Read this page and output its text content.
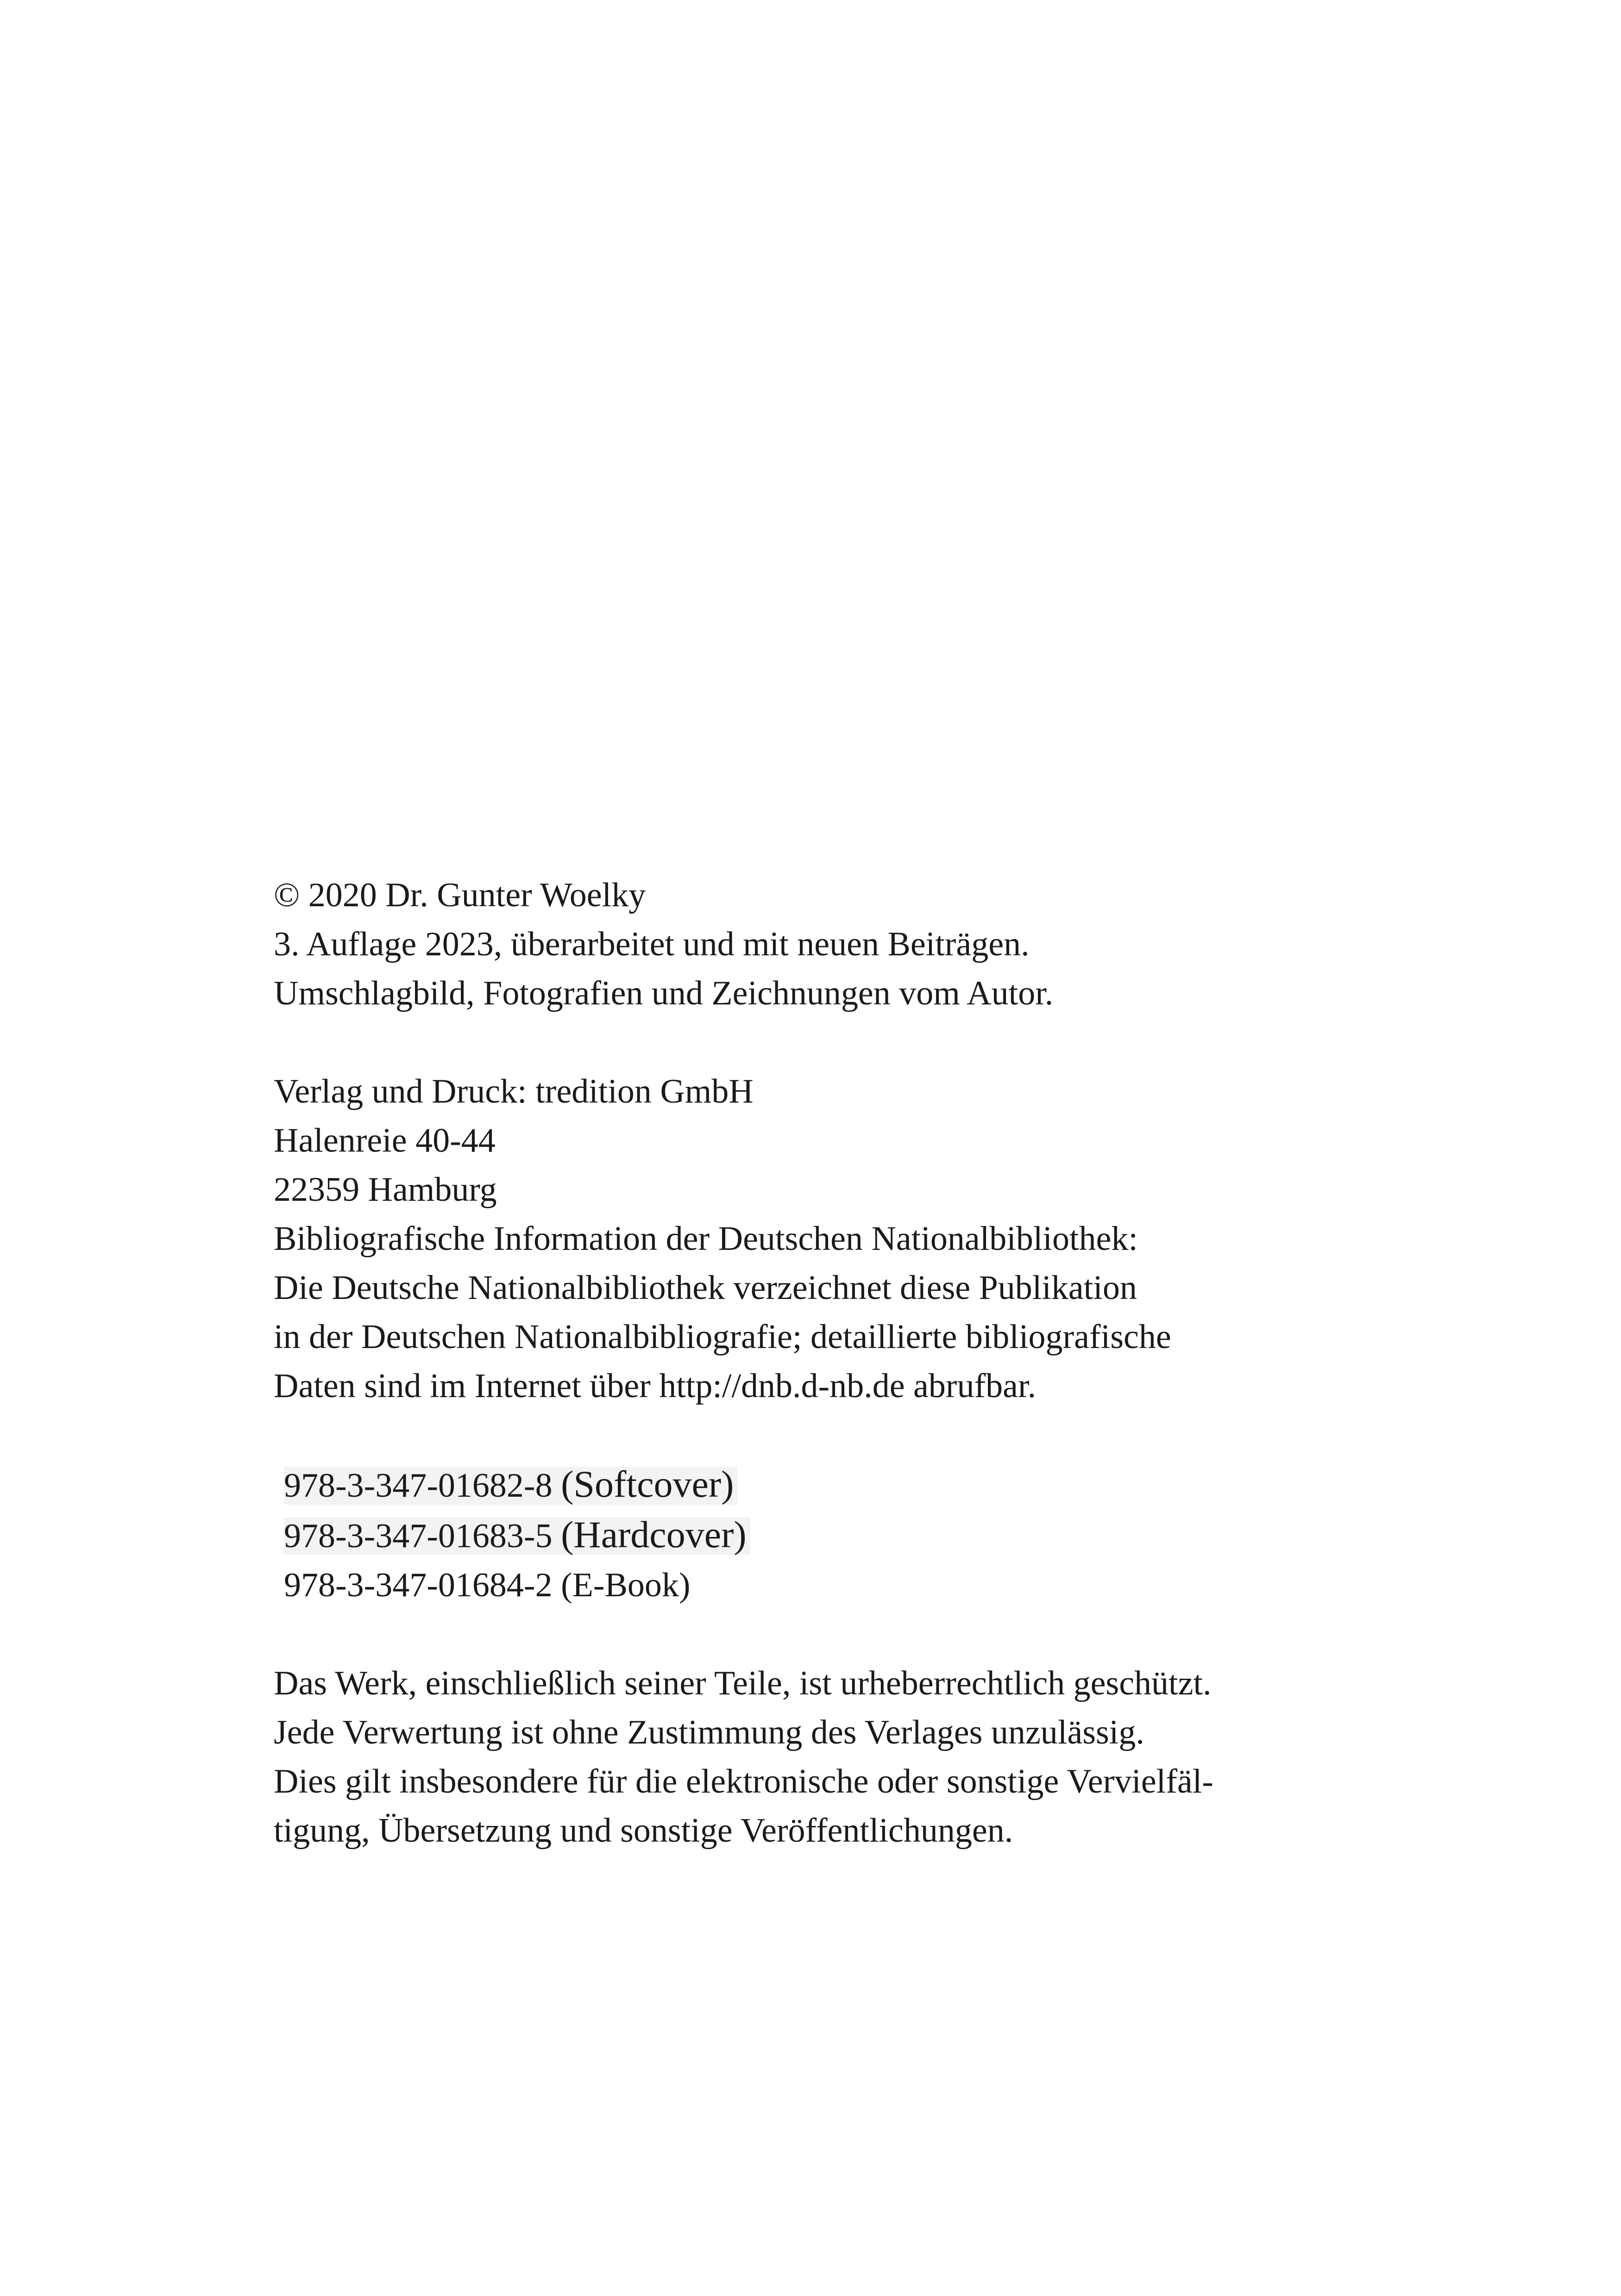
© 2020 Dr. Gunter Woelky
3. Auflage 2023, überarbeitet und mit neuen Beiträgen.
Umschlagbild, Fotografien und Zeichnungen vom Autor.
Verlag und Druck: tredition GmbH
Halenreie 40-44
22359 Hamburg
Bibliografische Information der Deutschen Nationalbibliothek:
Die Deutsche Nationalbibliothek verzeichnet diese Publikation
in der Deutschen Nationalbibliografie; detaillierte bibliografische
Daten sind im Internet über http://dnb.d-nb.de abrufbar.
978-3-347-01682-8 (Softcover)
978-3-347-01683-5 (Hardcover)
978-3-347-01684-2 (E-Book)
Das Werk, einschließlich seiner Teile, ist urheberrechtlich geschützt.
Jede Verwertung ist ohne Zustimmung des Verlages unzulässig.
Dies gilt insbesondere für die elektronische oder sonstige Vervielfäl-
tigung, Übersetzung und sonstige Veröffentlichungen.
